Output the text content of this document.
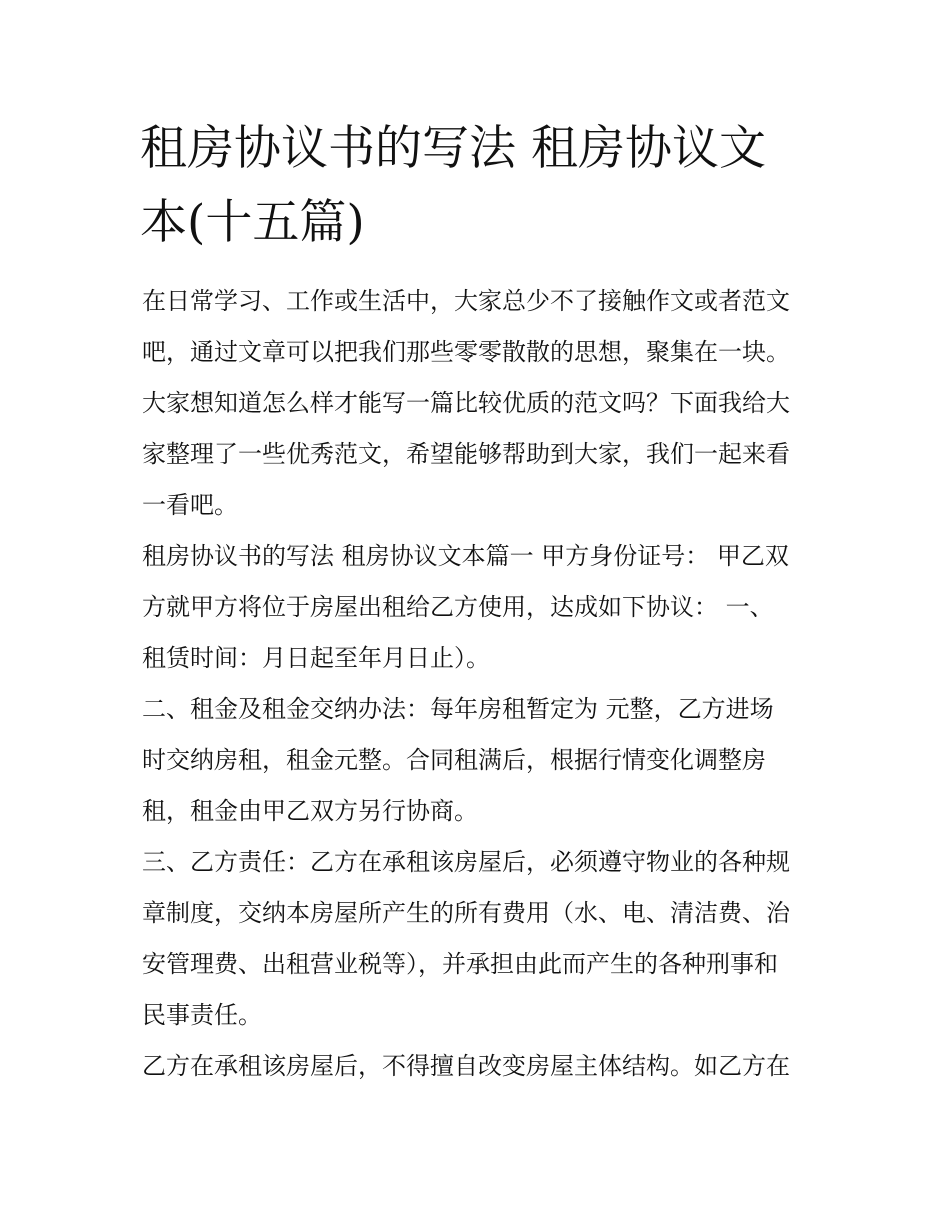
租房协议书的写法 租房协议文
本(十五篇)

在日常学习、工作或生活中，大家总少不了接触作文或者范文

吧，通过文章可以把我们那些零零散散的思想，聚集在一块。

大家想知道怎么样才能写一篇比较优质的范文吗？下面我给大

家整理了一些优秀范文，希望能够帮助到大家，我们一起来看

一看吧。

租房协议书的写法 租房协议文本篇一 甲方身份证号： 甲乙双

方就甲方将位于房屋出租给乙方使用，达成如下协议： 一、

租赁时间：月日起至年月日止）。

二、租金及租金交纳办法：每年房租暂定为 元整，乙方进场

时交纳房租，租金元整。合同租满后，根据行情变化调整房

租，租金由甲乙双方另行协商。

三、乙方责任：乙方在承租该房屋后，必须遵守物业的各种规

章制度，交纳本房屋所产生的所有费用（水、电、清洁费、治

安管理费、出租营业税等），并承担由此而产生的各种刑事和

民事责任。

乙方在承租该房屋后，不得擅自改变房屋主体结构。如乙方在
